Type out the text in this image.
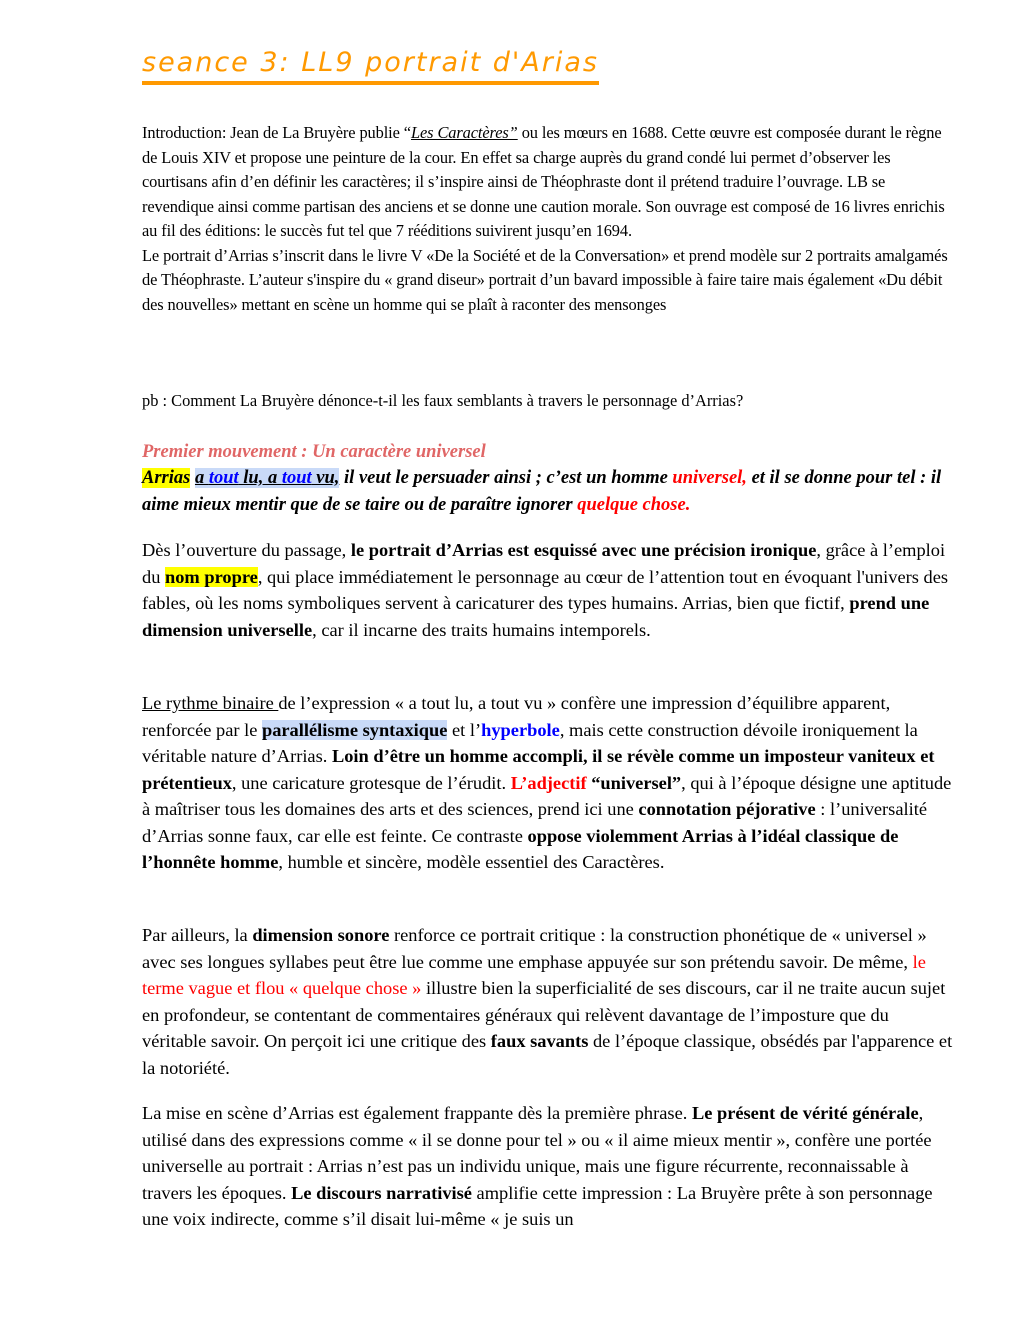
seance 3: LL9 portrait d'Arias

Introduction: Jean de La Bruyère publie “Les Caractères” ou les mœurs en 1688. Cette œuvre est composée durant le règne de Louis XIV et propose une peinture de la cour. En effet sa charge auprès du grand condé lui permet d’observer les courtisans afin d’en définir les caractères; il s’inspire ainsi de Théophraste dont il prétend traduire l’ouvrage. LB se revendique ainsi comme partisan des anciens et se donne une caution morale. Son ouvrage est composé de 16 livres enrichis au fil des éditions: le succès fut tel que 7 rééditions suivirent jusqu’en 1694.

Le portrait d’Arrias s’inscrit dans le livre V «De la Société et de la Conversation» et prend modèle sur 2 portraits amalgamés de Théophraste. L’auteur s'inspire du « grand diseur» portrait d’un bavard impossible à faire taire mais également «Du débit des nouvelles» mettant en scène un homme qui se plaît à raconter des mensonges

pb : Comment La Bruyère dénonce-t-il les faux semblants à travers le personnage d’Arrias?
Premier mouvement : Un caractère universel

Arrias a tout lu, a tout vu, il veut le persuader ainsi ; c’est un homme universel, et il se donne pour tel : il aime mieux mentir que de se taire ou de paraître ignorer quelque chose.

Dès l’ouverture du passage, le portrait d’Arrias est esquissé avec une précision ironique, grâce à l’emploi du nom propre, qui place immédiatement le personnage au cœur de l’attention tout en évoquant l'univers des fables, où les noms symboliques servent à caricaturer des types humains. Arrias, bien que fictif, prend une dimension universelle, car il incarne des traits humains intemporels.

Le rythme binaire de l’expression « a tout lu, a tout vu » confère une impression d’équilibre apparent, renforcée par le parallélisme syntaxique et l’hyperbole, mais cette construction dévoile ironiquement la véritable nature d’Arrias. Loin d’être un homme accompli, il se révèle comme un imposteur vaniteux et prétentieux, une caricature grotesque de l’érudit. L’adjectif “universel”, qui à l’époque désigne une aptitude à maîtriser tous les domaines des arts et des sciences, prend ici une connotation péjorative : l’universalité d’Arrias sonne faux, car elle est feinte. Ce contraste oppose violemment Arrias à l’idéal classique de l’honnête homme, humble et sincère, modèle essentiel des Caractères.

Par ailleurs, la dimension sonore renforce ce portrait critique : la construction phonétique de « universel » avec ses longues syllabes peut être lue comme une emphase appuyée sur son prétendu savoir. De même, le terme vague et flou « quelque chose » illustre bien la superficialité de ses discours, car il ne traite aucun sujet en profondeur, se contentant de commentaires généraux qui relèvent davantage de l’imposture que du véritable savoir. On perçoit ici une critique des faux savants de l’époque classique, obsédés par l'apparence et la notoriété.

La mise en scène d’Arrias est également frappante dès la première phrase. Le présent de vérité générale, utilisé dans des expressions comme « il se donne pour tel » ou « il aime mieux mentir », confère une portée universelle au portrait : Arrias n’est pas un individu unique, mais une figure récurrente, reconnaissable à travers les époques. Le discours narrativisé amplifie cette impression : La Bruyère prête à son personnage une voix indirecte, comme s’il disait lui-même « je suis un
